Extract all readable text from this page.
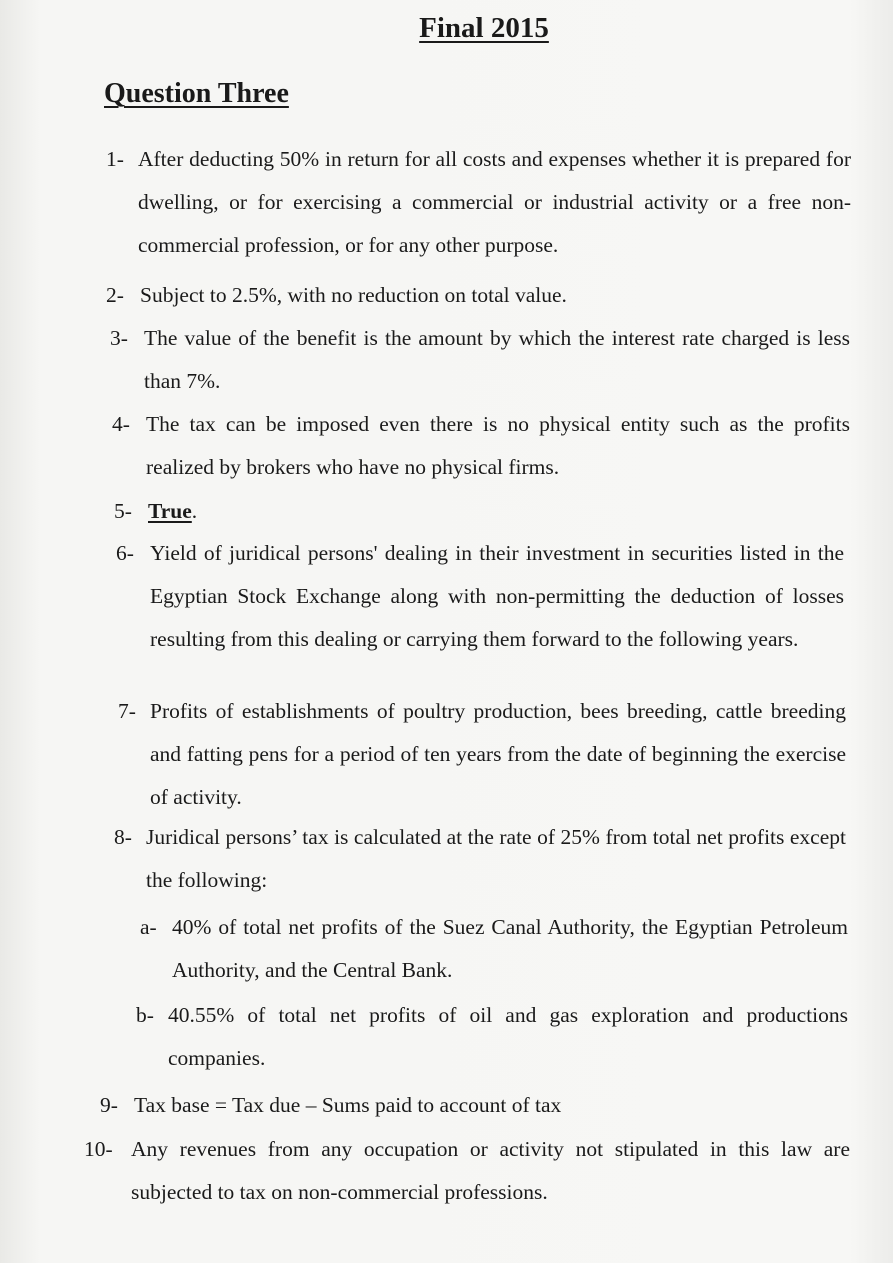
Final 2015
Question Three
1- After deducting 50% in return for all costs and expenses whether it is prepared for dwelling, or for exercising a commercial or industrial activity or a free non-commercial profession, or for any other purpose.
2- Subject to 2.5%, with no reduction on total value.
3- The value of the benefit is the amount by which the interest rate charged is less than 7%.
4- The tax can be imposed even there is no physical entity such as the profits realized by brokers who have no physical firms.
5- True.
6- Yield of juridical persons' dealing in their investment in securities listed in the Egyptian Stock Exchange along with non-permitting the deduction of losses resulting from this dealing or carrying them forward to the following years.
7- Profits of establishments of poultry production, bees breeding, cattle breeding and fatting pens for a period of ten years from the date of beginning the exercise of activity.
8- Juridical persons’ tax is calculated at the rate of 25% from total net profits except the following:
a- 40% of total net profits of the Suez Canal Authority, the Egyptian Petroleum Authority, and the Central Bank.
b- 40.55% of total net profits of oil and gas exploration and productions companies.
9- Tax base = Tax due – Sums paid to account of tax
10- Any revenues from any occupation or activity not stipulated in this law are subjected to tax on non-commercial professions.
